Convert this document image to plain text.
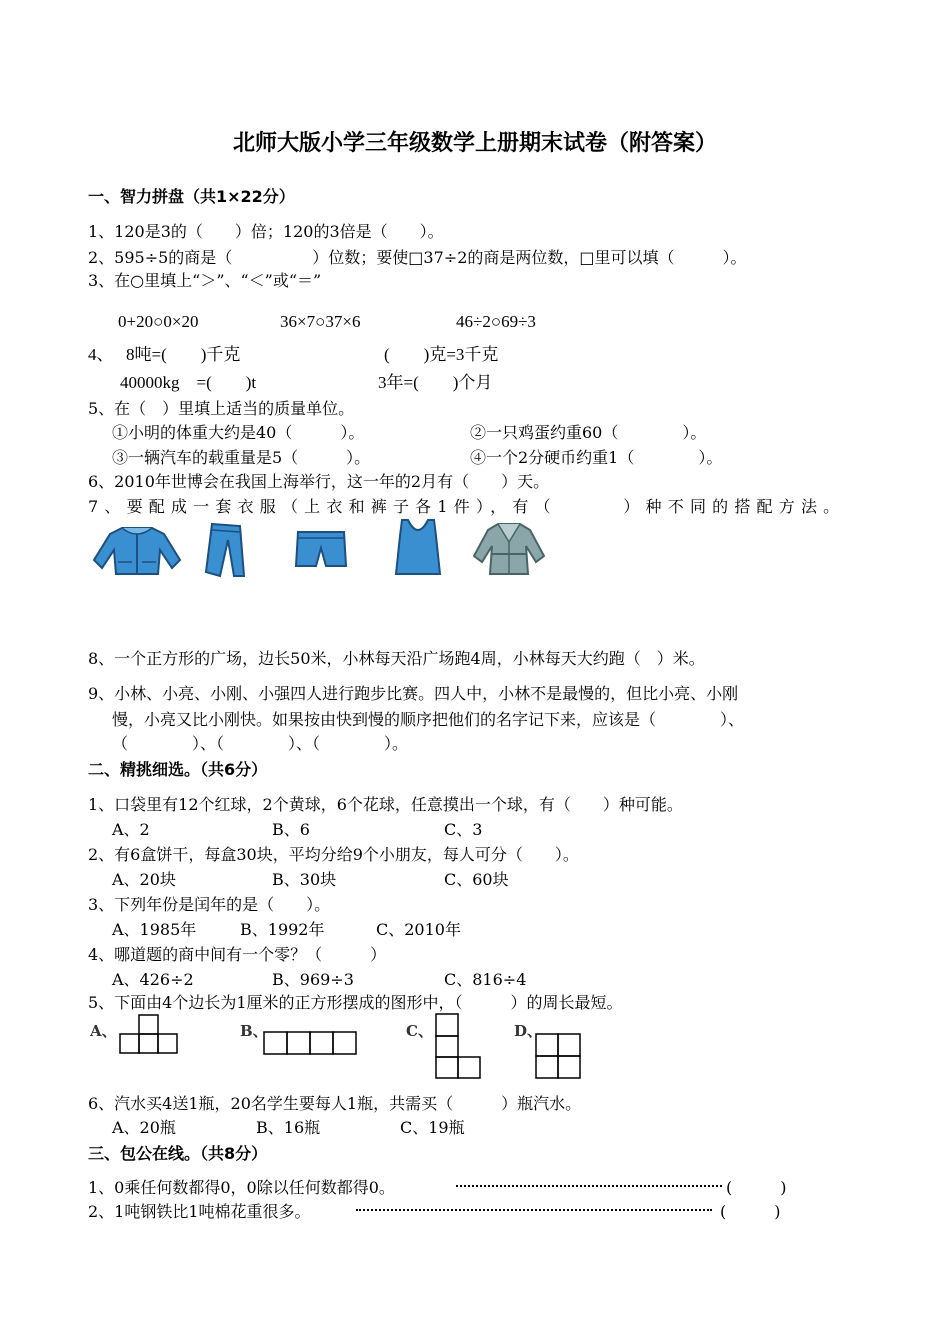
北师大版小学三年级数学上册期末试卷（附答案）
一、智力拼盘（共1×22分）
1、120是3的（　　）倍；120的3倍是（　　）。
2、595÷5的商是（　　　　　）位数；要使□37÷2的商是两位数，□里可以填（　　　）。
3、在○里填上“＞”、“＜”或“＝”
0+20○0×20	36×7○37×6	46÷2○69÷3
4、 8吨=(　　)千克	(　　)克=3千克
40000kg　=(　　)t	3年=(　　)个月
5、在（　）里填上适当的质量单位。
①小明的体重大约是40（　　　）。	②一只鸡蛋约重60（　　　　）。
③一辆汽车的载重量是5（　　　）。	④一个2分硬币约重1（　　　　）。
6、2010年世博会在我国上海举行，这一年的2月有（　　）天。
7、要配成一套衣服（上衣和裤子各1件），有（　　　）种不同的搭配方法。
8、一个正方形的广场，边长50米，小林每天沿广场跑4周，小林每天大约跑（　）米。
9、小林、小亮、小刚、小强四人进行跑步比赛。四人中，小林不是最慢的，但比小亮、小刚
慢，小亮又比小刚快。如果按由快到慢的顺序把他们的名字记下来，应该是（　　　　）、
（　　　　）、（　　　　）、（　　　　）。
二、精挑细选。（共6分）
1、口袋里有12个红球，2个黄球，6个花球，任意摸出一个球，有（　　）种可能。
A、2	B、6	C、3
2、有6盒饼干，每盒30块，平均分给9个小朋友，每人可分（　　）。
A、20块	B、30块	C、60块
3、下列年份是闰年的是（　　）。
A、1985年	B、1992年	C、2010年
4、哪道题的商中间有一个零？（　　　）
A、426÷2	B、969÷3	C、816÷4
5、下面由4个边长为1厘米的正方形摆成的图形中，（　　　）的周长最短。
A、	B、	C、	D、
6、汽水买4送1瓶，20名学生要每人1瓶，共需买（　　　）瓶汽水。
A、20瓶	B、16瓶	C、19瓶
三、包公在线。（共8分）
1、0乘任何数都得0，0除以任何数都得0。	(　　　)
2、1吨钢铁比1吨棉花重很多。	(　　　)
